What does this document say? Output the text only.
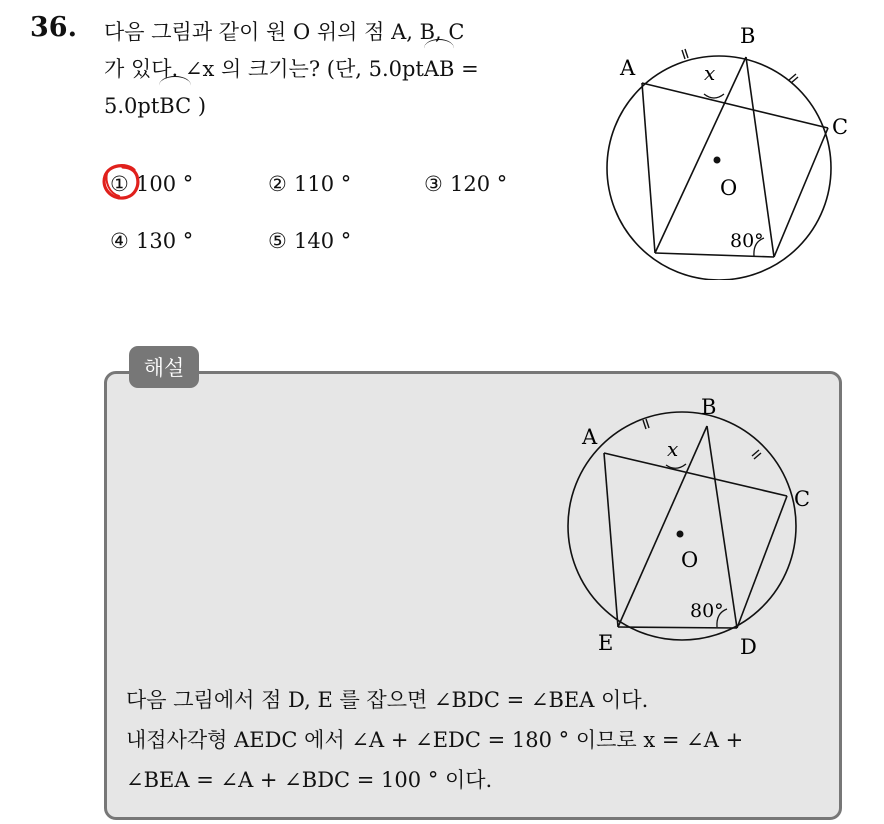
36. 다음 그림과 같이 원 O 위의 점 A, B, C
가 있다. ∠x 의 크기는? (단, 5.0ptAB =
5.0ptBC )
① 100 °	② 110 °	③ 120 °
④ 130 °	⑤ 140 °
A
B
C
O
x
80°
해설
A
B
C
D
E
O
x
80°
다음 그림에서 점 D, E 를 잡으면 ∠BDC = ∠BEA 이다.
내접사각형 AEDC 에서 ∠A + ∠EDC = 180 ° 이므로 x = ∠A +
∠BEA = ∠A + ∠BDC = 100 ° 이다.
